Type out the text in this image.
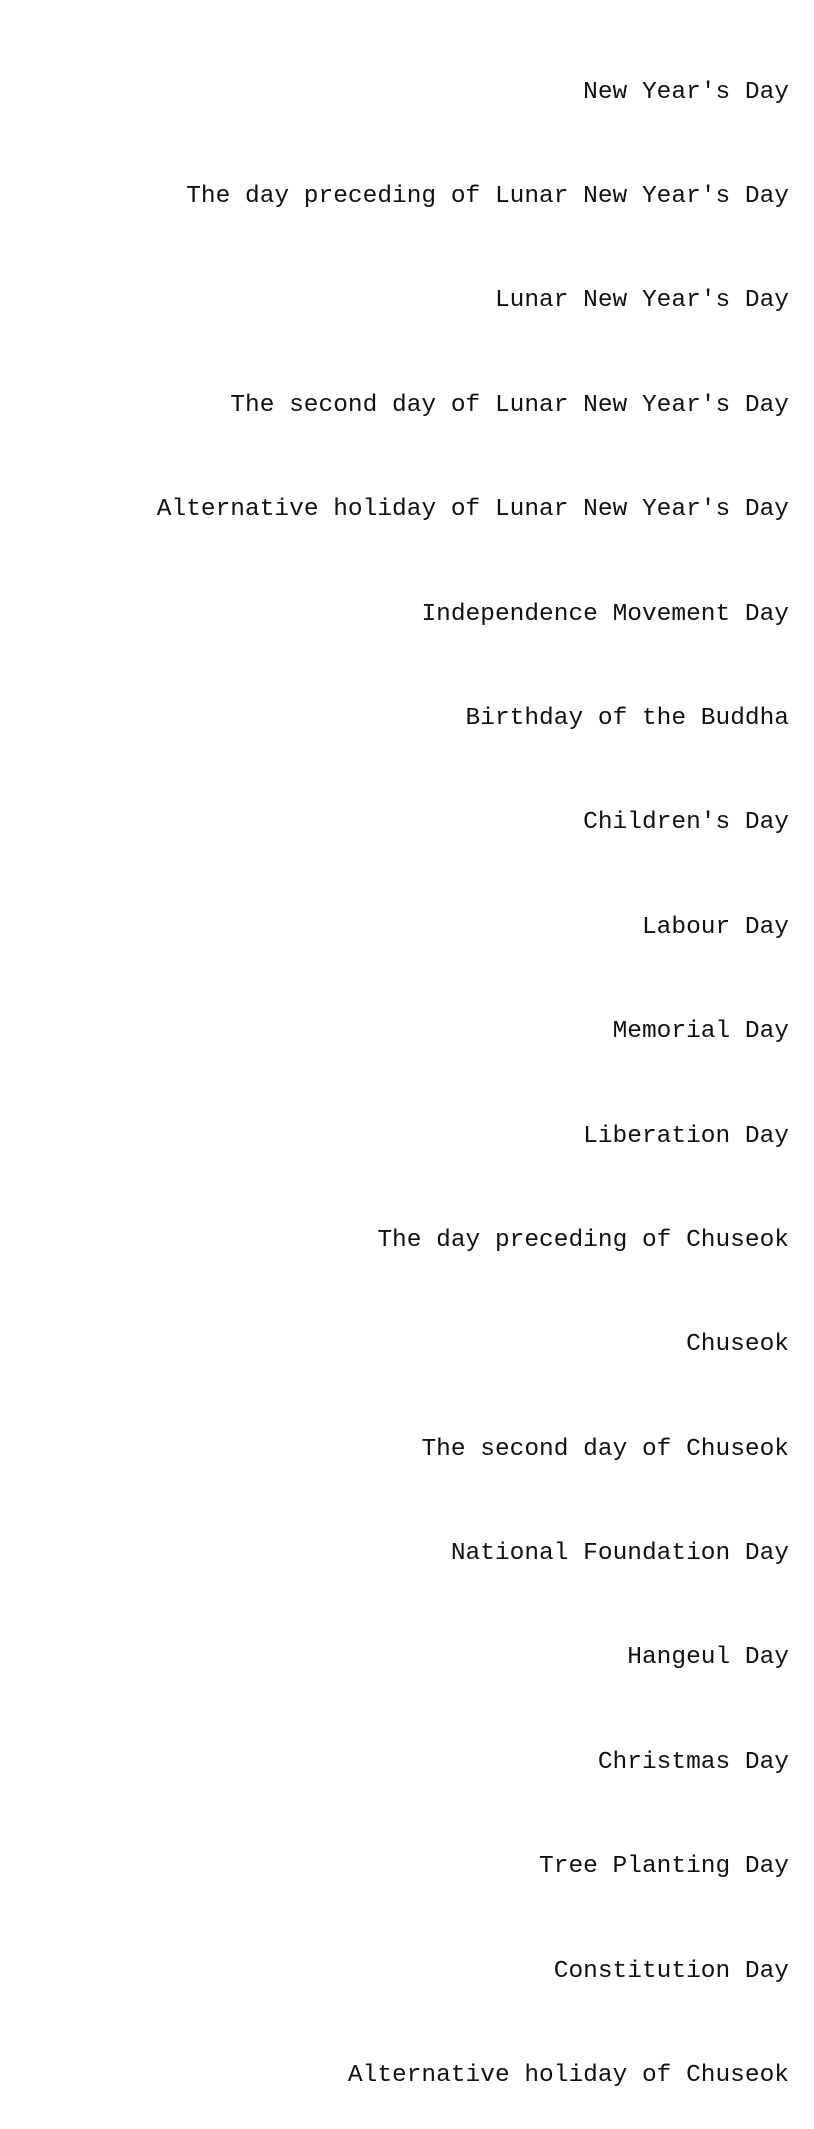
New Year's Day

The day preceding of Lunar New Year's Day

Lunar New Year's Day

The second day of Lunar New Year's Day

Alternative holiday of Lunar New Year's Day

Independence Movement Day

Birthday of the Buddha

Children's Day

Labour Day

Memorial Day

Liberation Day

The day preceding of Chuseok

Chuseok

The second day of Chuseok

National Foundation Day

Hangeul Day

Christmas Day

Tree Planting Day

Constitution Day

Alternative holiday of Chuseok
